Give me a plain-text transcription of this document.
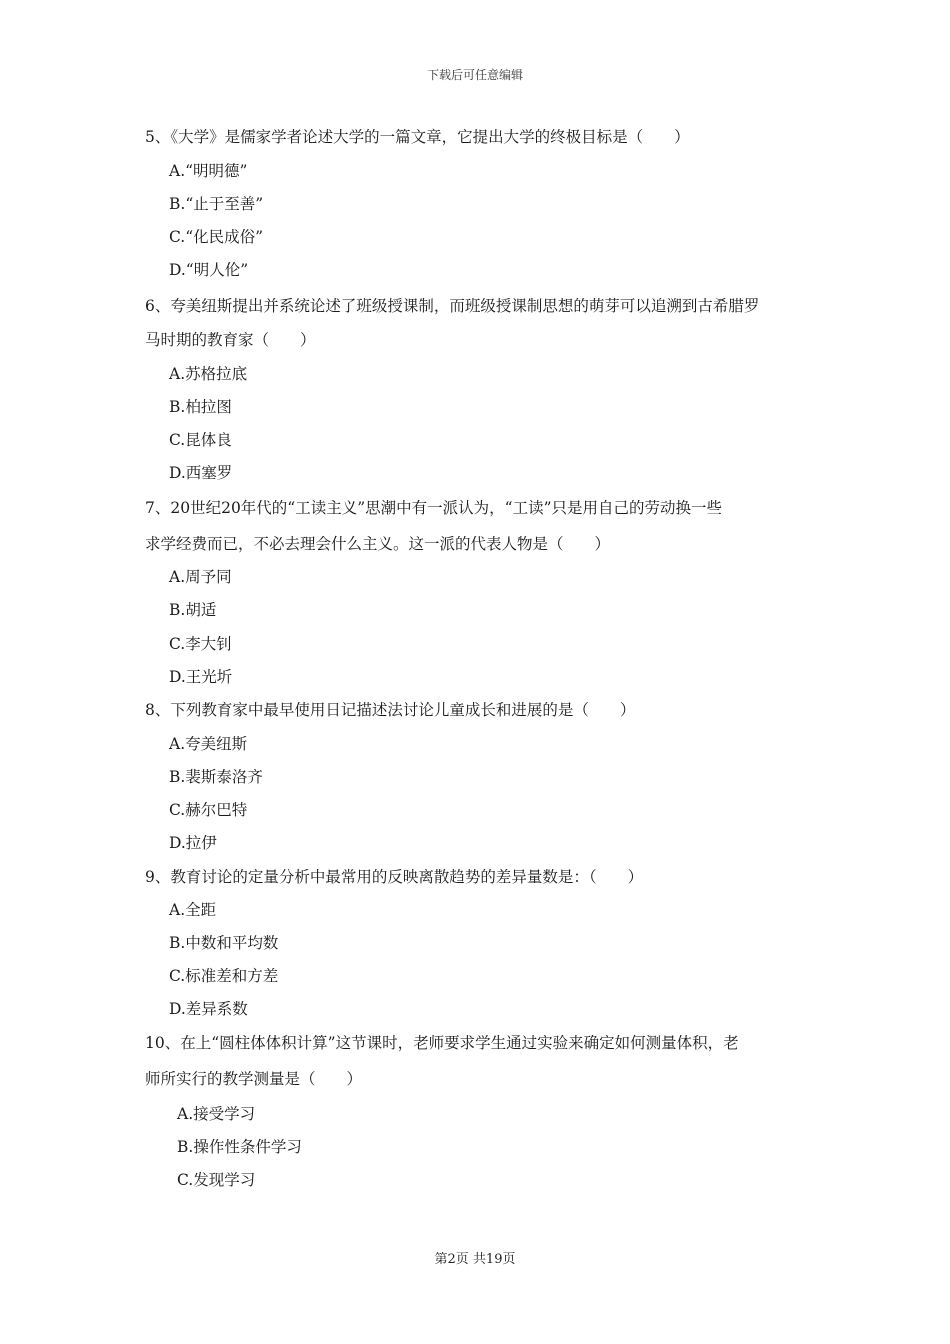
下载后可任意编辑
5、《大学》是儒家学者论述大学的一篇文章，它提出大学的终极目标是（　　）
A.“明明德”
B.“止于至善”
C.“化民成俗”
D.“明人伦”
6、夸美纽斯提出并系统论述了班级授课制，而班级授课制思想的萌芽可以追溯到古希腊罗
马时期的教育家（　　）
A.苏格拉底
B.柏拉图
C.昆体良
D.西塞罗
7、20世纪20年代的“工读主义”思潮中有一派认为，“工读”只是用自己的劳动换一些
求学经费而已，不必去理会什么主义。这一派的代表人物是（　　）
A.周予同
B.胡适
C.李大钊
D.王光圻
8、下列教育家中最早使用日记描述法讨论儿童成长和进展的是（　　）
A.夸美纽斯
B.裴斯泰洛齐
C.赫尔巴特
D.拉伊
9、教育讨论的定量分析中最常用的反映离散趋势的差异量数是：（　　）
A.全距
B.中数和平均数
C.标准差和方差
D.差异系数
10、在上“圆柱体体积计算”这节课时，老师要求学生通过实验来确定如何测量体积，老
师所实行的教学测量是（　　）
A.接受学习
B.操作性条件学习
C.发现学习
第2页 共19页
